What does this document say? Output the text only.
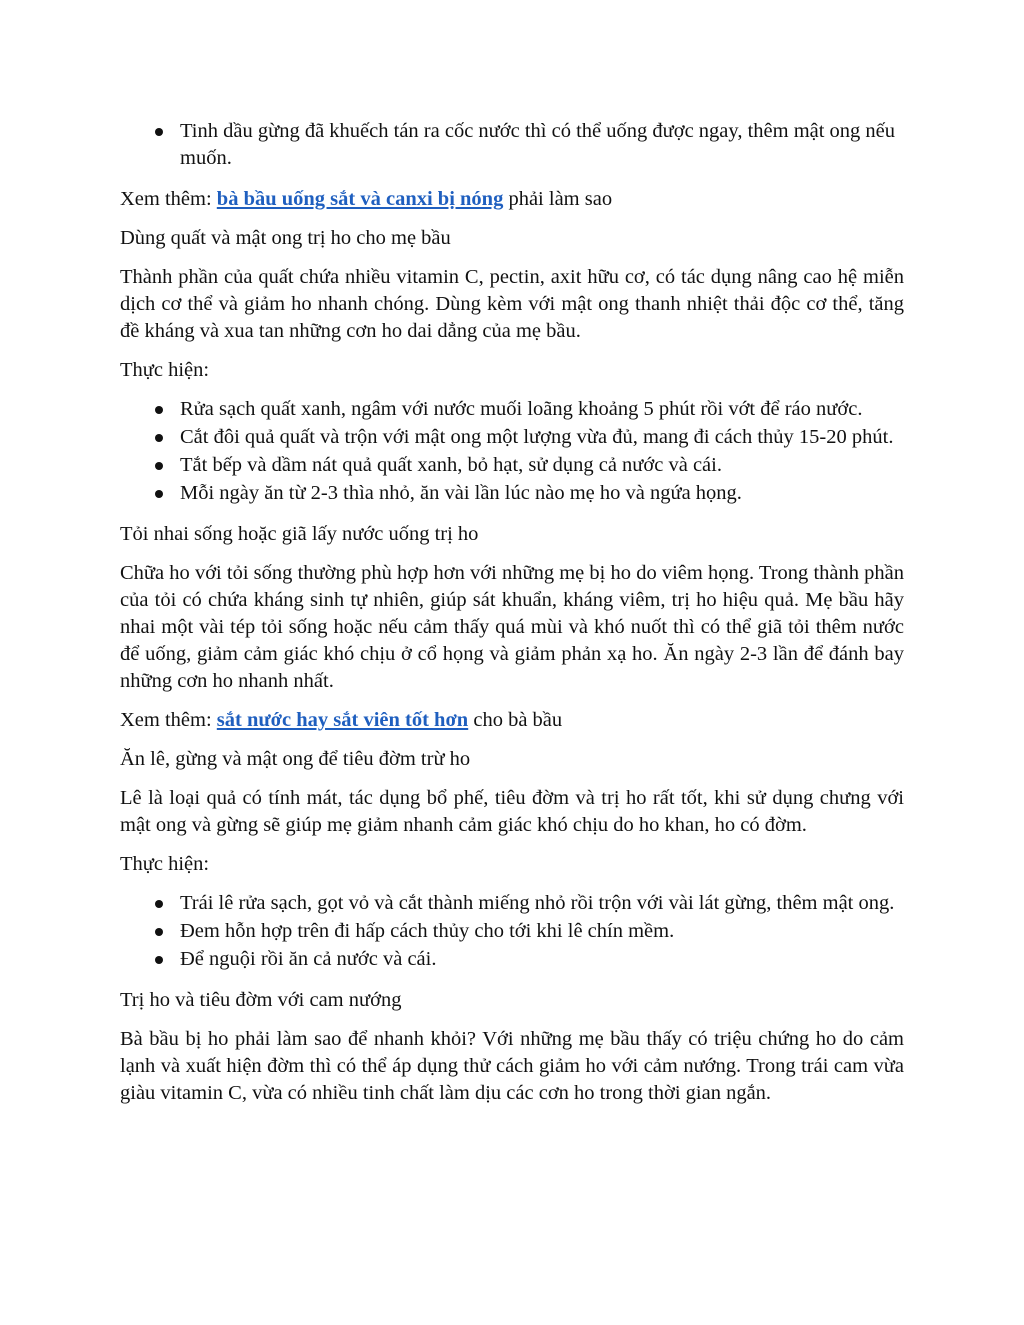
Tinh dầu gừng đã khuếch tán ra cốc nước thì có thể uống được ngay, thêm mật ong nếu muốn.

Xem thêm: bà bầu uống sắt và canxi bị nóng phải làm sao

Dùng quất và mật ong trị ho cho mẹ bầu

Thành phần của quất chứa nhiều vitamin C, pectin, axit hữu cơ, có tác dụng nâng cao hệ miễn dịch cơ thể và giảm ho nhanh chóng. Dùng kèm với mật ong thanh nhiệt thải độc cơ thể, tăng đề kháng và xua tan những cơn ho dai dẳng của mẹ bầu.

Thực hiện:

Rửa sạch quất xanh, ngâm với nước muối loãng khoảng 5 phút rồi vớt để ráo nước.
Cắt đôi quả quất và trộn với mật ong một lượng vừa đủ, mang đi cách thủy 15-20 phút.
Tắt bếp và dầm nát quả quất xanh, bỏ hạt, sử dụng cả nước và cái.
Mỗi ngày ăn từ 2-3 thìa nhỏ, ăn vài lần lúc nào mẹ ho và ngứa họng.

Tỏi nhai sống hoặc giã lấy nước uống trị ho

Chữa ho với tỏi sống thường phù hợp hơn với những mẹ bị ho do viêm họng. Trong thành phần của tỏi có chứa kháng sinh tự nhiên, giúp sát khuẩn, kháng viêm, trị ho hiệu quả. Mẹ bầu hãy nhai một vài tép tỏi sống hoặc nếu cảm thấy quá mùi và khó nuốt thì có thể giã tỏi thêm nước để uống, giảm cảm giác khó chịu ở cổ họng và giảm phản xạ ho. Ăn ngày 2-3 lần để đánh bay những cơn ho nhanh nhất.

Xem thêm: sắt nước hay sắt viên tốt hơn cho bà bầu

Ăn lê, gừng và mật ong để tiêu đờm trừ ho

Lê là loại quả có tính mát, tác dụng bổ phế, tiêu đờm và trị ho rất tốt, khi sử dụng chưng với mật ong và gừng sẽ giúp mẹ giảm nhanh cảm giác khó chịu do ho khan, ho có đờm.

Thực hiện:

Trái lê rửa sạch, gọt vỏ và cắt thành miếng nhỏ rồi trộn với vài lát gừng, thêm mật ong.
Đem hỗn hợp trên đi hấp cách thủy cho tới khi lê chín mềm.
Để nguội rồi ăn cả nước và cái.

Trị ho và tiêu đờm với cam nướng

Bà bầu bị ho phải làm sao để nhanh khỏi? Với những mẹ bầu thấy có triệu chứng ho do cảm lạnh và xuất hiện đờm thì có thể áp dụng thử cách giảm ho với cảm nướng. Trong trái cam vừa giàu vitamin C, vừa có nhiều tinh chất làm dịu các cơn ho trong thời gian ngắn.
